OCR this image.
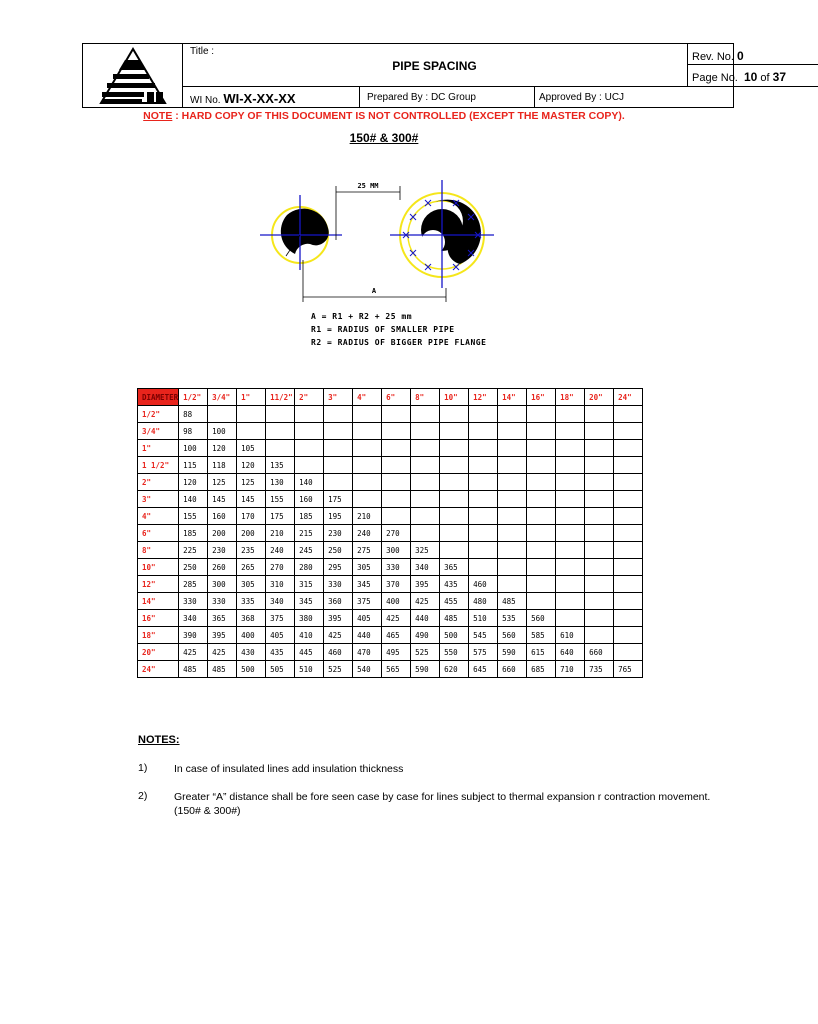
Title :
PIPE SPACING
Rev. No. 0
Page No. 10 of 37
WI No. WI-X-XX-XX	Prepared By : DC Group	Approved By : UCJ
NOTE : HARD COPY OF THIS DOCUMENT IS NOT CONTROLLED (EXCEPT THE MASTER COPY).
150# & 300#
25 MM
A
A = R1 + R2 + 25 mm
R1 = RADIUS OF SMALLER PIPE
R2 = RADIUS OF BIGGER PIPE FLANGE
DIAMETER	1/2"	3/4"	1"	11/2"	2"	3"	4"	6"	8"	10"	12"	14"	16"	18"	20"	24"
1/2"	88															
3/4"	98	100														
1"	100	120	105													
1 1/2"	115	118	120	135												
2"	120	125	125	130	140											
3"	140	145	145	155	160	175										
4"	155	160	170	175	185	195	210									
6"	185	200	200	210	215	230	240	270								
8"	225	230	235	240	245	250	275	300	325							
10"	250	260	265	270	280	295	305	330	340	365						
12"	285	300	305	310	315	330	345	370	395	435	460					
14"	330	330	335	340	345	360	375	400	425	455	480	485				
16"	340	365	368	375	380	395	405	425	440	485	510	535	560			
18"	390	395	400	405	410	425	440	465	490	500	545	560	585	610		
20"	425	425	430	435	445	460	470	495	525	550	575	590	615	640	660	
24"	485	485	500	505	510	525	540	565	590	620	645	660	685	710	735	765
NOTES:
1)	In case of insulated lines add insulation thickness
2)	Greater “A” distance shall be fore seen case by case for lines subject to thermal expansion r contraction movement. (150# & 300#)
